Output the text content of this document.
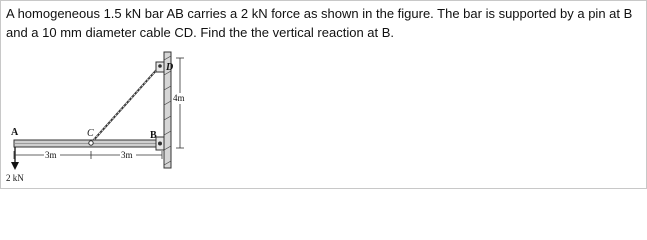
A homogeneous 1.5 kN bar AB carries a 2 kN force as shown in the figure. The bar is supported by a pin at B and a 10 mm diameter cable CD. Find the the vertical reaction at B.
A	C	B
D
3m	3m
4m
2 kN
